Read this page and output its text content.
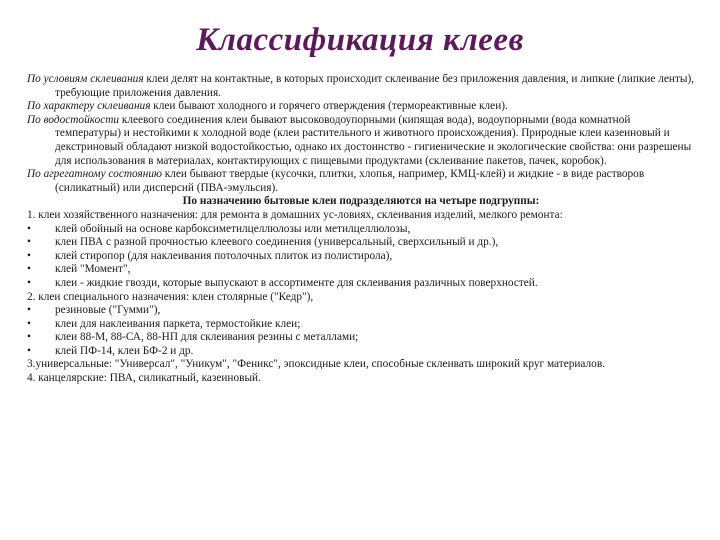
Классификация клеев

По условиям склеивания клеи делят на контактные, в которых происходит склеивание без приложения давления, и липкие (липкие ленты), требующие приложения давления.

По характеру склеивания клеи бывают холодного и горячего отверждения (термореактивные клеи).

По водостойкости клеевого соединения клеи бывают высоководоупорными (кипящая вода), водоупорными (вода комнатной температуры) и нестойкими к холодной воде (клеи растительного и животного происхождения). Природные клеи казеиновый и декстриновый обладают низкой водостойкостью, однако их достоинство - гигиенические и экологические свойства: они разрешены для использования в материалах, контактирующих с пищевыми продуктами (склеивание пакетов, пачек, коробок).

По агрегатному состоянию клеи бывают твердые (кусочки, плитки, хлопья, например, КМЦ-клей) и жидкие - в виде растворов (силикатный) или дисперсий (ПВА-эмульсия).

По назначению бытовые клеи подразделяются на четыре подгруппы:

1. клеи хозяйственного назначения: для ремонта в домашних ус-ловиях, склеивания изделий, мелкого ремонта:

•	клей обойный на основе карбоксиметилцеллюлозы или метилцеллюлозы,

•	клеи ПВА с разной прочностью клеевого соединения (универсальный, сверхсильный и др.),

•	клей стиропор (для наклеивания потолочных плиток из полистирола),

•	клей "Момент",

•	клеи - жидкие гвозди, которые выпускают в ассортименте для склеивания различных поверхностей.

2. клеи специального назначения: клеи столярные ("Кедр"),

•	резиновые ("Гумми"),

•	клеи для наклеивания паркета, термостойкие клеи;

•	клеи 88-М, 88-СА, 88-НП для склеивания резины с металлами;

•	клей ПФ-14, клеи БФ-2 и др.

3.универсальные: "Универсал", "Уникум", "Феникс", эпоксидные клеи, способные склеивать широкий круг материалов.

4. канцелярские: ПВА, силикатный, казеиновый.
